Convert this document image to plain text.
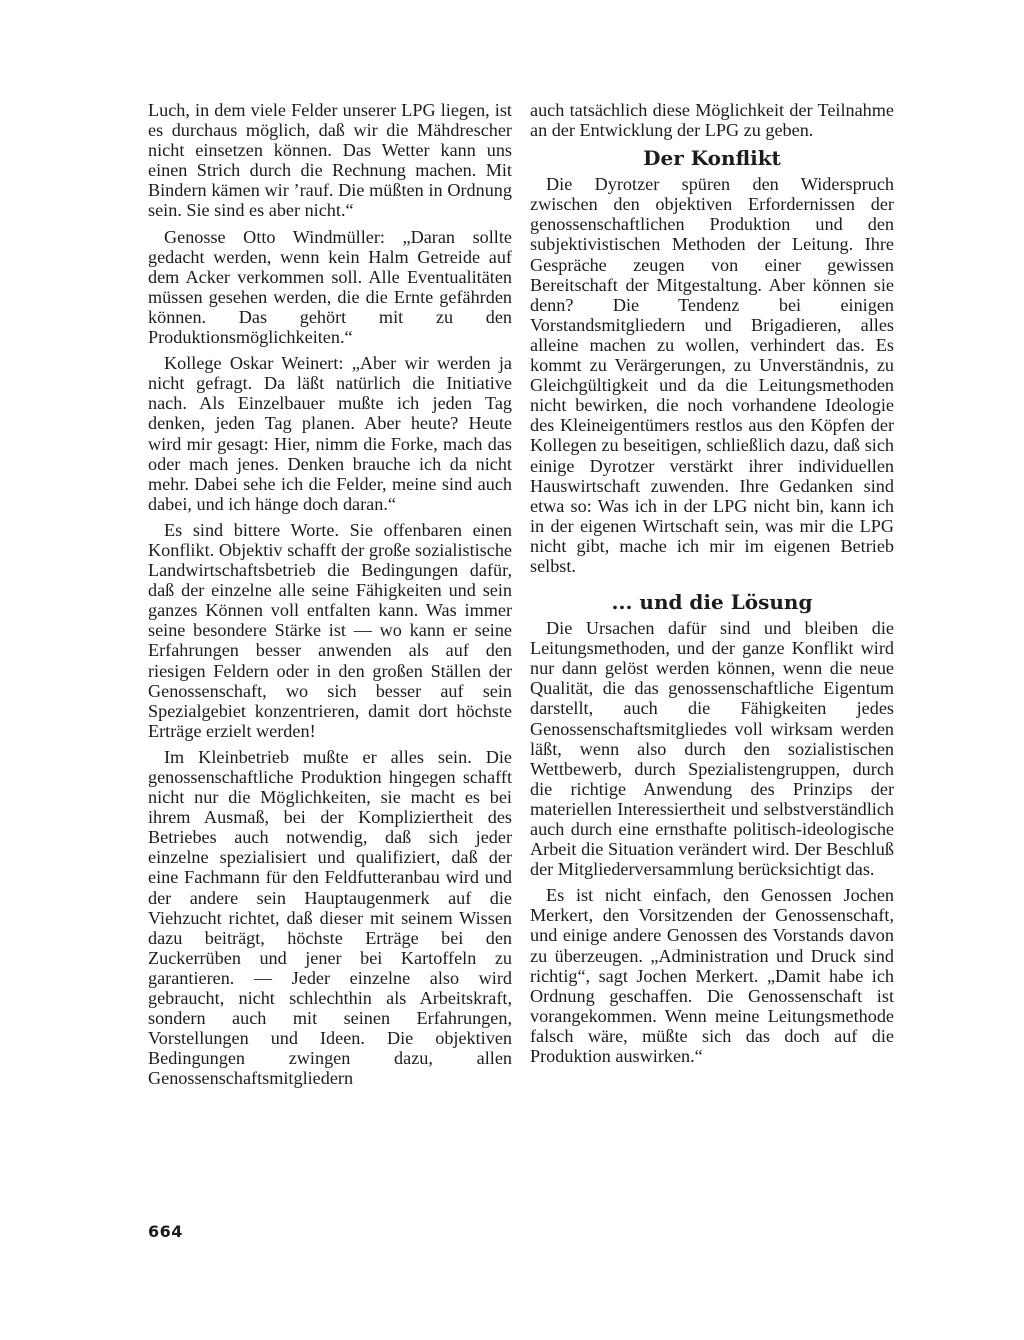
Luch, in dem viele Felder unserer LPG liegen, ist es durchaus möglich, daß wir die Mähdrescher nicht einsetzen können. Das Wetter kann uns einen Strich durch die Rechnung machen. Mit Bindern kämen wir ’rauf. Die müßten in Ordnung sein. Sie sind es aber nicht.“

Genosse Otto Windmüller: „Daran sollte gedacht werden, wenn kein Halm Getreide auf dem Acker verkommen soll. Alle Eventualitäten müssen gesehen werden, die die Ernte gefährden können. Das gehört mit zu den Produktionsmöglichkeiten.“

Kollege Oskar Weinert: „Aber wir werden ja nicht gefragt. Da läßt natürlich die Initiative nach. Als Einzelbauer mußte ich jeden Tag denken, jeden Tag planen. Aber heute? Heute wird mir gesagt: Hier, nimm die Forke, mach das oder mach jenes. Denken brauche ich da nicht mehr. Dabei sehe ich die Felder, meine sind auch dabei, und ich hänge doch daran.“

Es sind bittere Worte. Sie offenbaren einen Konflikt. Objektiv schafft der große sozialistische Landwirtschaftsbetrieb die Bedingungen dafür, daß der einzelne alle seine Fähigkeiten und sein ganzes Können voll entfalten kann. Was immer seine besondere Stärke ist — wo kann er seine Erfahrungen besser anwenden als auf den riesigen Feldern oder in den großen Ställen der Genossenschaft, wo sich besser auf sein Spezialgebiet konzentrieren, damit dort höchste Erträge erzielt werden!

Im Kleinbetrieb mußte er alles sein. Die genossenschaftliche Produktion hingegen schafft nicht nur die Möglichkeiten, sie macht es bei ihrem Ausmaß, bei der Kompliziertheit des Betriebes auch notwendig, daß sich jeder einzelne spezialisiert und qualifiziert, daß der eine Fachmann für den Feldfutteranbau wird und der andere sein Hauptaugenmerk auf die Viehzucht richtet, daß dieser mit seinem Wissen dazu beiträgt, höchste Erträge bei den Zuckerrüben und jener bei Kartoffeln zu garantieren. — Jeder einzelne also wird gebraucht, nicht schlechthin als Arbeitskraft, sondern auch mit seinen Erfahrungen, Vorstellungen und Ideen. Die objektiven Bedingungen zwingen dazu, allen Genossenschaftsmitgliedern

auch tatsächlich diese Möglichkeit der Teilnahme an der Entwicklung der LPG zu geben.

Der Konflikt

Die Dyrotzer spüren den Widerspruch zwischen den objektiven Erfordernissen der genossenschaftlichen Produktion und den subjektivistischen Methoden der Leitung. Ihre Gespräche zeugen von einer gewissen Bereitschaft der Mitgestaltung. Aber können sie denn? Die Tendenz bei einigen Vorstandsmitgliedern und Brigadieren, alles alleine machen zu wollen, verhindert das. Es kommt zu Verärgerungen, zu Unverständnis, zu Gleichgültigkeit und da die Leitungsmethoden nicht bewirken, die noch vorhandene Ideologie des Kleineigentümers restlos aus den Köpfen der Kollegen zu beseitigen, schließlich dazu, daß sich einige Dyrotzer verstärkt ihrer individuellen Hauswirtschaft zuwenden. Ihre Gedanken sind etwa so: Was ich in der LPG nicht bin, kann ich in der eigenen Wirtschaft sein, was mir die LPG nicht gibt, mache ich mir im eigenen Betrieb selbst.

... und die Lösung

Die Ursachen dafür sind und bleiben die Leitungsmethoden, und der ganze Konflikt wird nur dann gelöst werden können, wenn die neue Qualität, die das genossenschaftliche Eigentum darstellt, auch die Fähigkeiten jedes Genossenschaftsmitgliedes voll wirksam werden läßt, wenn also durch den sozialistischen Wettbewerb, durch Spezialistengruppen, durch die richtige Anwendung des Prinzips der materiellen Interessiertheit und selbstverständlich auch durch eine ernsthafte politisch-ideologische Arbeit die Situation verändert wird. Der Beschluß der Mitgliederversammlung berücksichtigt das.

Es ist nicht einfach, den Genossen Jochen Merkert, den Vorsitzenden der Genossenschaft, und einige andere Genossen des Vorstands davon zu überzeugen. „Administration und Druck sind richtig“, sagt Jochen Merkert. „Damit habe ich Ordnung geschaffen. Die Genossenschaft ist vorangekommen. Wenn meine Leitungsmethode falsch wäre, müßte sich das doch auf die Produktion auswirken.“

664
